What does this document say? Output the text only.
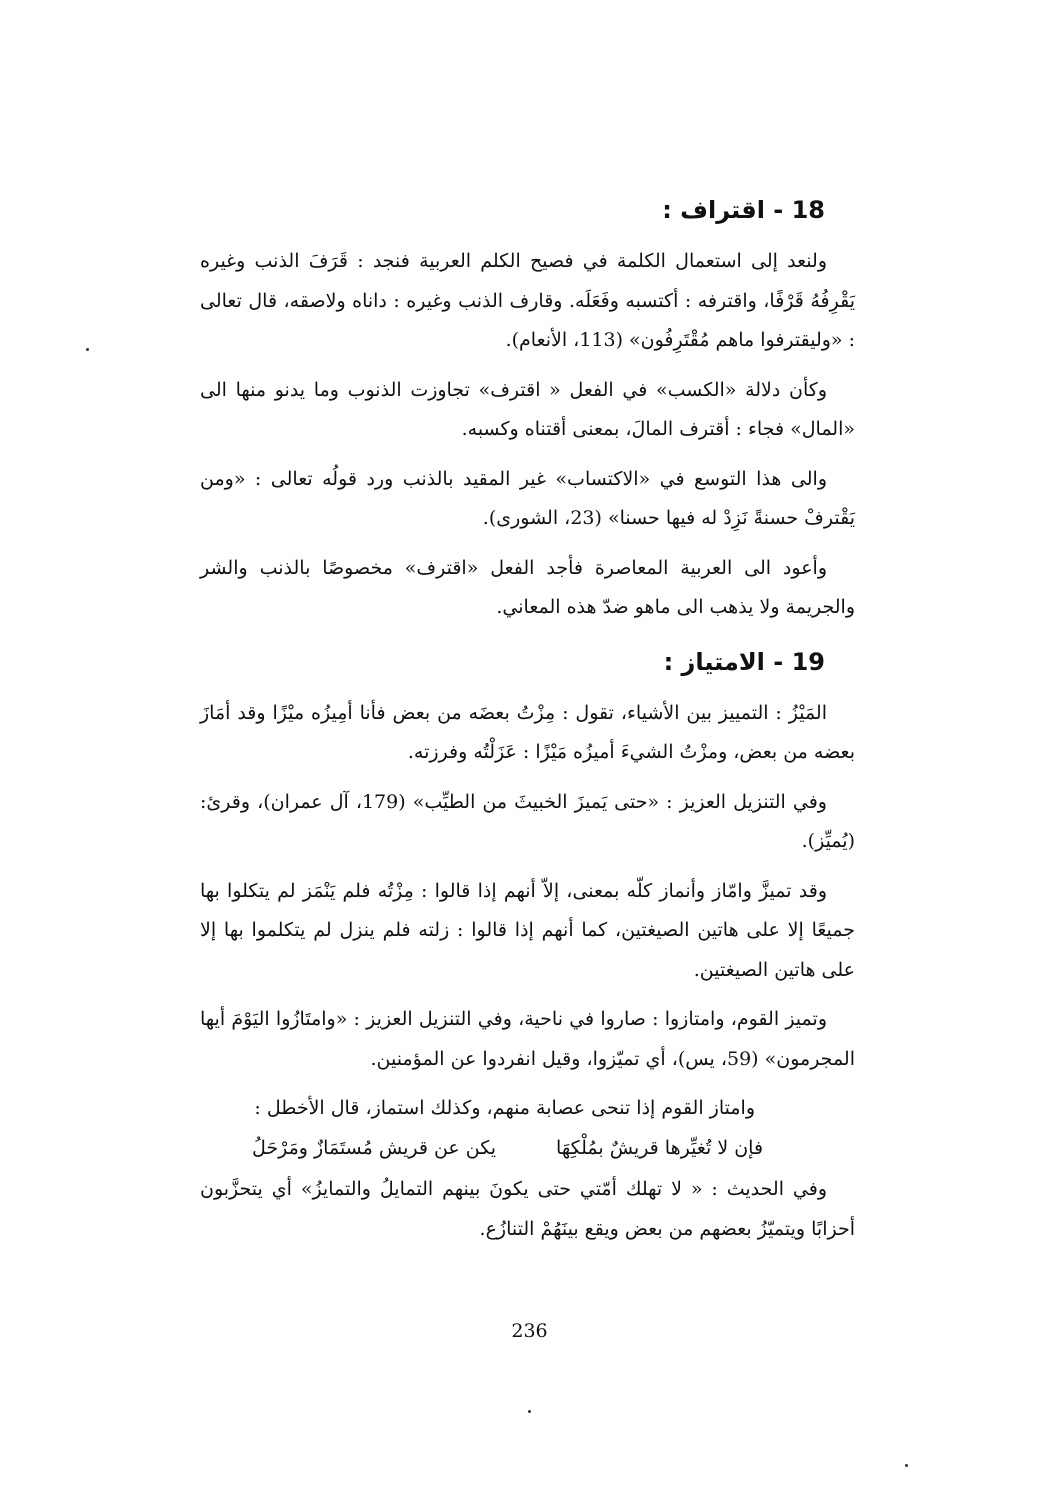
18 - اقتراف :

ولنعد إلى استعمال الكلمة في فصيح الكلم العربية فنجد : قَرَفَ الذنب وغيره يَقْرِفُهُ قَرْفًا، واقترفه : أكتسبه وفَعَلَه. وقارف الذنب وغيره : داناه ولاصقه، قال تعالى : «وليقترفوا ماهم مُقْتَرِفُون» (113، الأنعام).

وكأن دلالة «الكسب» في الفعل « اقترف» تجاوزت الذنوب وما يدنو منها الى «المال» فجاء : أقترف المالَ، بمعنى أقتناه وكسبه.

والى هذا التوسع في «الاكتساب» غير المقيد بالذنب ورد قولُه تعالى : «ومن يَقْترفْ حسنةً نَزِدْ له فيها حسنا» (23، الشورى).

وأعود الى العربية المعاصرة فأجد الفعل «اقترف» مخصوصًا بالذنب والشر والجريمة ولا يذهب الى ماهو ضدّ هذه المعاني.

19 - الامتياز :

المَيْزُ : التمييز بين الأشياء، تقول : مِزْتُ بعضَه من بعض فأنا أمِيزُه ميْزًا وقد أمَازَ بعضه من بعض، ومزْتُ الشيءَ أميزُه مَيْزًا : عَزَلْتُه وفرزته.

وفي التنزيل العزيز : «حتى يَميزَ الخبيثَ من الطيِّب» (179، آل عمران)، وقرئ: (يُميِّز).

وقد تميزَّ وامّاز وأنماز كلّه بمعنى، إلاّ أنهم إذا قالوا : مِزْتُه فلم يَنْمَز لم يتكلوا بها جميعًا إلا على هاتين الصيغتين، كما أنهم إذا قالوا : زلته فلم ينزل لم يتكلموا بها إلا على هاتين الصيغتين.

وتميز القوم، وامتازوا : صاروا في ناحية، وفي التنزيل العزيز : «وامتَازُوا اليَوْمَ أيها المجرمون» (59، يس)، أي تميّزوا، وقيل انفردوا عن المؤمنين.

وامتاز القوم إذا تنحى عصابة منهم، وكذلك استماز، قال الأخطل :

فإن لا تُغيِّرها قريشٌ بمُلْكِهَا
يكن عن قريش مُستَمَازٌ ومَرْحَلُ

وفي الحديث : « لا تهلك أمّتي حتى يكونَ بينهم التمايلُ والتمايزُ» أي يتحزَّبون أحزابًا ويتميّزُ بعضهم من بعض ويقع بينَهُمْ التنازُع.

236
